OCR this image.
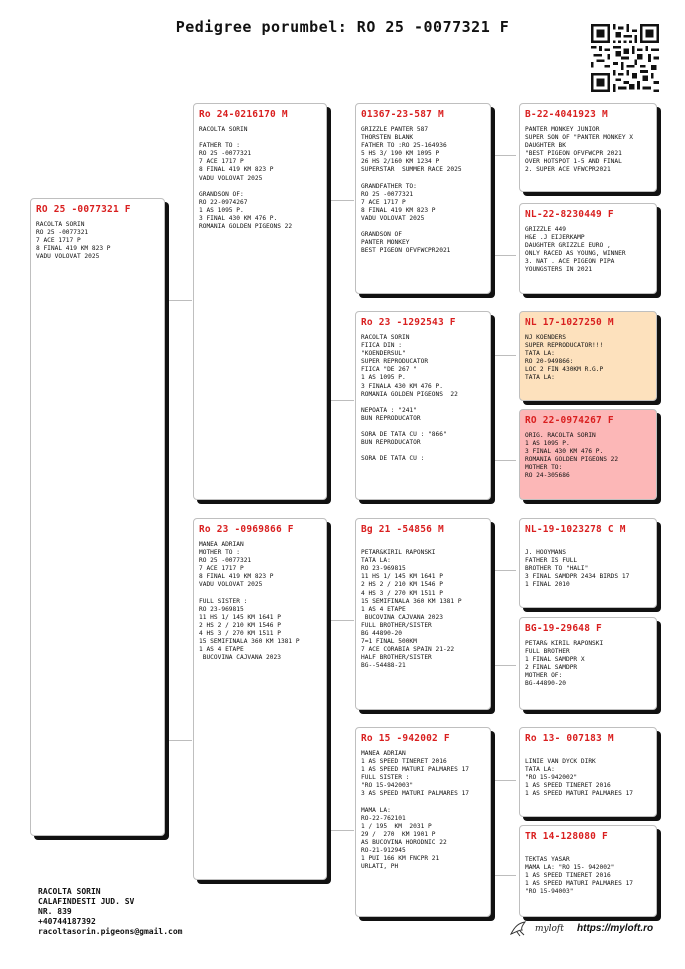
Pedigree porumbel: RO 25 -0077321 F
RO 25 -0077321 F
RACOLTA SORIN
RO 25 -0077321
7 ACE 1717 P
8 FINAL 419 KM 823 P
VADU VOLOVAT 2025
Ro 24-0216170 M
RACOLTA SORIN
FATHER TO :
RO 25 -0077321
7 ACE 1717 P
8 FINAL 419 KM 823 P
VADU VOLOVAT 2025
GRANDSON OF:
RO 22-0974267
1 AS 1095 P.
3 FINAL 430 KM 476 P.
ROMANIA GOLDEN PIGEONS 22
Ro 23 -0969866 F
MANEA ADRIAN
MOTHER TO :
RO 25 -0077321
7 ACE 1717 P
8 FINAL 419 KM 823 P
VADU VOLOVAT 2025
FULL SISTER :
RO 23-969815
11 HS 1/ 145 KM 1641 P
2 HS 2 / 210 KM 1546 P
4 HS 3 / 270 KM 1511 P
15 SEMIFINALA 360 KM 1381 P
1 AS 4 ETAPE
BUCOVINA CAJVANA 2023
01367-23-587 M
GRIZZLE PANTER 587
THORSTEN BLANK
FATHER TO :RO 25-164936
5 HS 3/ 190 KM 1095 P
26 HS 2/160 KM 1234 P
SUPERSTAR  SUMMER RACE 2025
GRANDFATHER TO:
RO 25 -0077321
7 ACE 1717 P
8 FINAL 419 KM 823 P
VADU VOLOVAT 2025
GRANDSON OF
PANTER MONKEY
BEST PIGEON OFVFWCPR2021
Ro 23 -1292543 F
RACOLTA SORIN
FIICA DIN :
"KOENDERSUL"
SUPER REPRODUCATOR
FIICA "DE 267 "
1 AS 1095 P.
3 FINALA 430 KM 476 P.
ROMANIA GOLDEN PIGEONS  22
NEPOATA : "241"
BUN REPRODUCATOR
SORA DE TATA CU : "866"
BUN REPRODUCATOR
SORA DE TATA CU :
Bg 21 -54856 M
PETAR&KIRIL RAPONSKI
TATA LA:
RO 23-969815
11 HS 1/ 145 KM 1641 P
2 HS 2 / 210 KM 1546 P
4 HS 3 / 270 KM 1511 P
15 SEMIFINALA 360 KM 1381 P
1 AS 4 ETAPE
BUCOVINA CAJVANA 2023
FULL BROTHER/SISTER
BG 44890-20
7=1 FINAL 500KM
7 ACE CORABIA SPAIN 21-22
HALF BROTHER/SISTER
BG--54488-21
Ro 15 -942002 F
MANEA ADRIAN
1 AS SPEED TINERET 2016
1 AS SPEED MATURI PALMARES 17
FULL SISTER :
"RO 15-942003"
3 AS SPEED MATURI PALMARES 17
MAMA LA:
RO-22-762101
1 / 195  KM  2031 P
29 /  270  KM 1901 P
AS BUCOVINA HORODNIC 22
RO-21-912945
1 PUI 166 KM FNCPR 21
URLATI, PH
B-22-4041923 M
PANTER MONKEY JUNIOR
SUPER SON OF "PANTER MONKEY X
DAUGHTER BK
"BEST PIGEON OFVFWCPR 2021
OVER HOTSPOT 1-5 AND FINAL
2. SUPER ACE VFWCPR2021
NL-22-8230449 F
GRIZZLE 449
H&E .J EIJERKAMP
DAUGHTER GRIZZLE EURO ,
ONLY RACED AS YOUNG, WINNER
3. NAT . ACE PIGEON PIPA
YOUNGSTERS IN 2021
NL 17-1027250 M
NJ KOENDERS
SUPER REPRODUCATOR!!!
TATA LA:
RO 20-949866:
LOC 2 FIN 430KM R.G.P
TATA LA:
RO 22-0974267 F
ORIG. RACOLTA SORIN
1 AS 1095 P.
3 FINAL 430 KM 476 P.
ROMANIA GOLDEN PIGEONS 22
MOTHER TO:
RO 24-305686
NL-19-1023278 C M
J. HOOYMANS
FATHER IS FULL
BROTHER TO "HALI"
3 FINAL SAMDPR 2434 BIRDS 17
1 FINAL 2010
BG-19-29648 F
PETAR& KIRIL RAPONSKI
FULL BROTHER
1 FINAL SAMDPR X
2 FINAL SAMDPR
MOTHER OF:
BG-44890-20
Ro 13- 007183 M
LINIE VAN DYCK DIRK
TATA LA:
"RO 15-942002"
1 AS SPEED TINERET 2016
1 AS SPEED MATURI PALMARES 17
TR 14-128080 F
TEKTAS YASAR
MAMA LA: "RO 15- 942002"
1 AS SPEED TINERET 2016
1 AS SPEED MATURI PALMARES 17
"RO 15-94003"
RACOLTA SORIN
CALAFINDESTI JUD. SV
NR. 839
+40744187392
racoltasorin.pigeons@gmail.com	myloft https://myloft.ro
